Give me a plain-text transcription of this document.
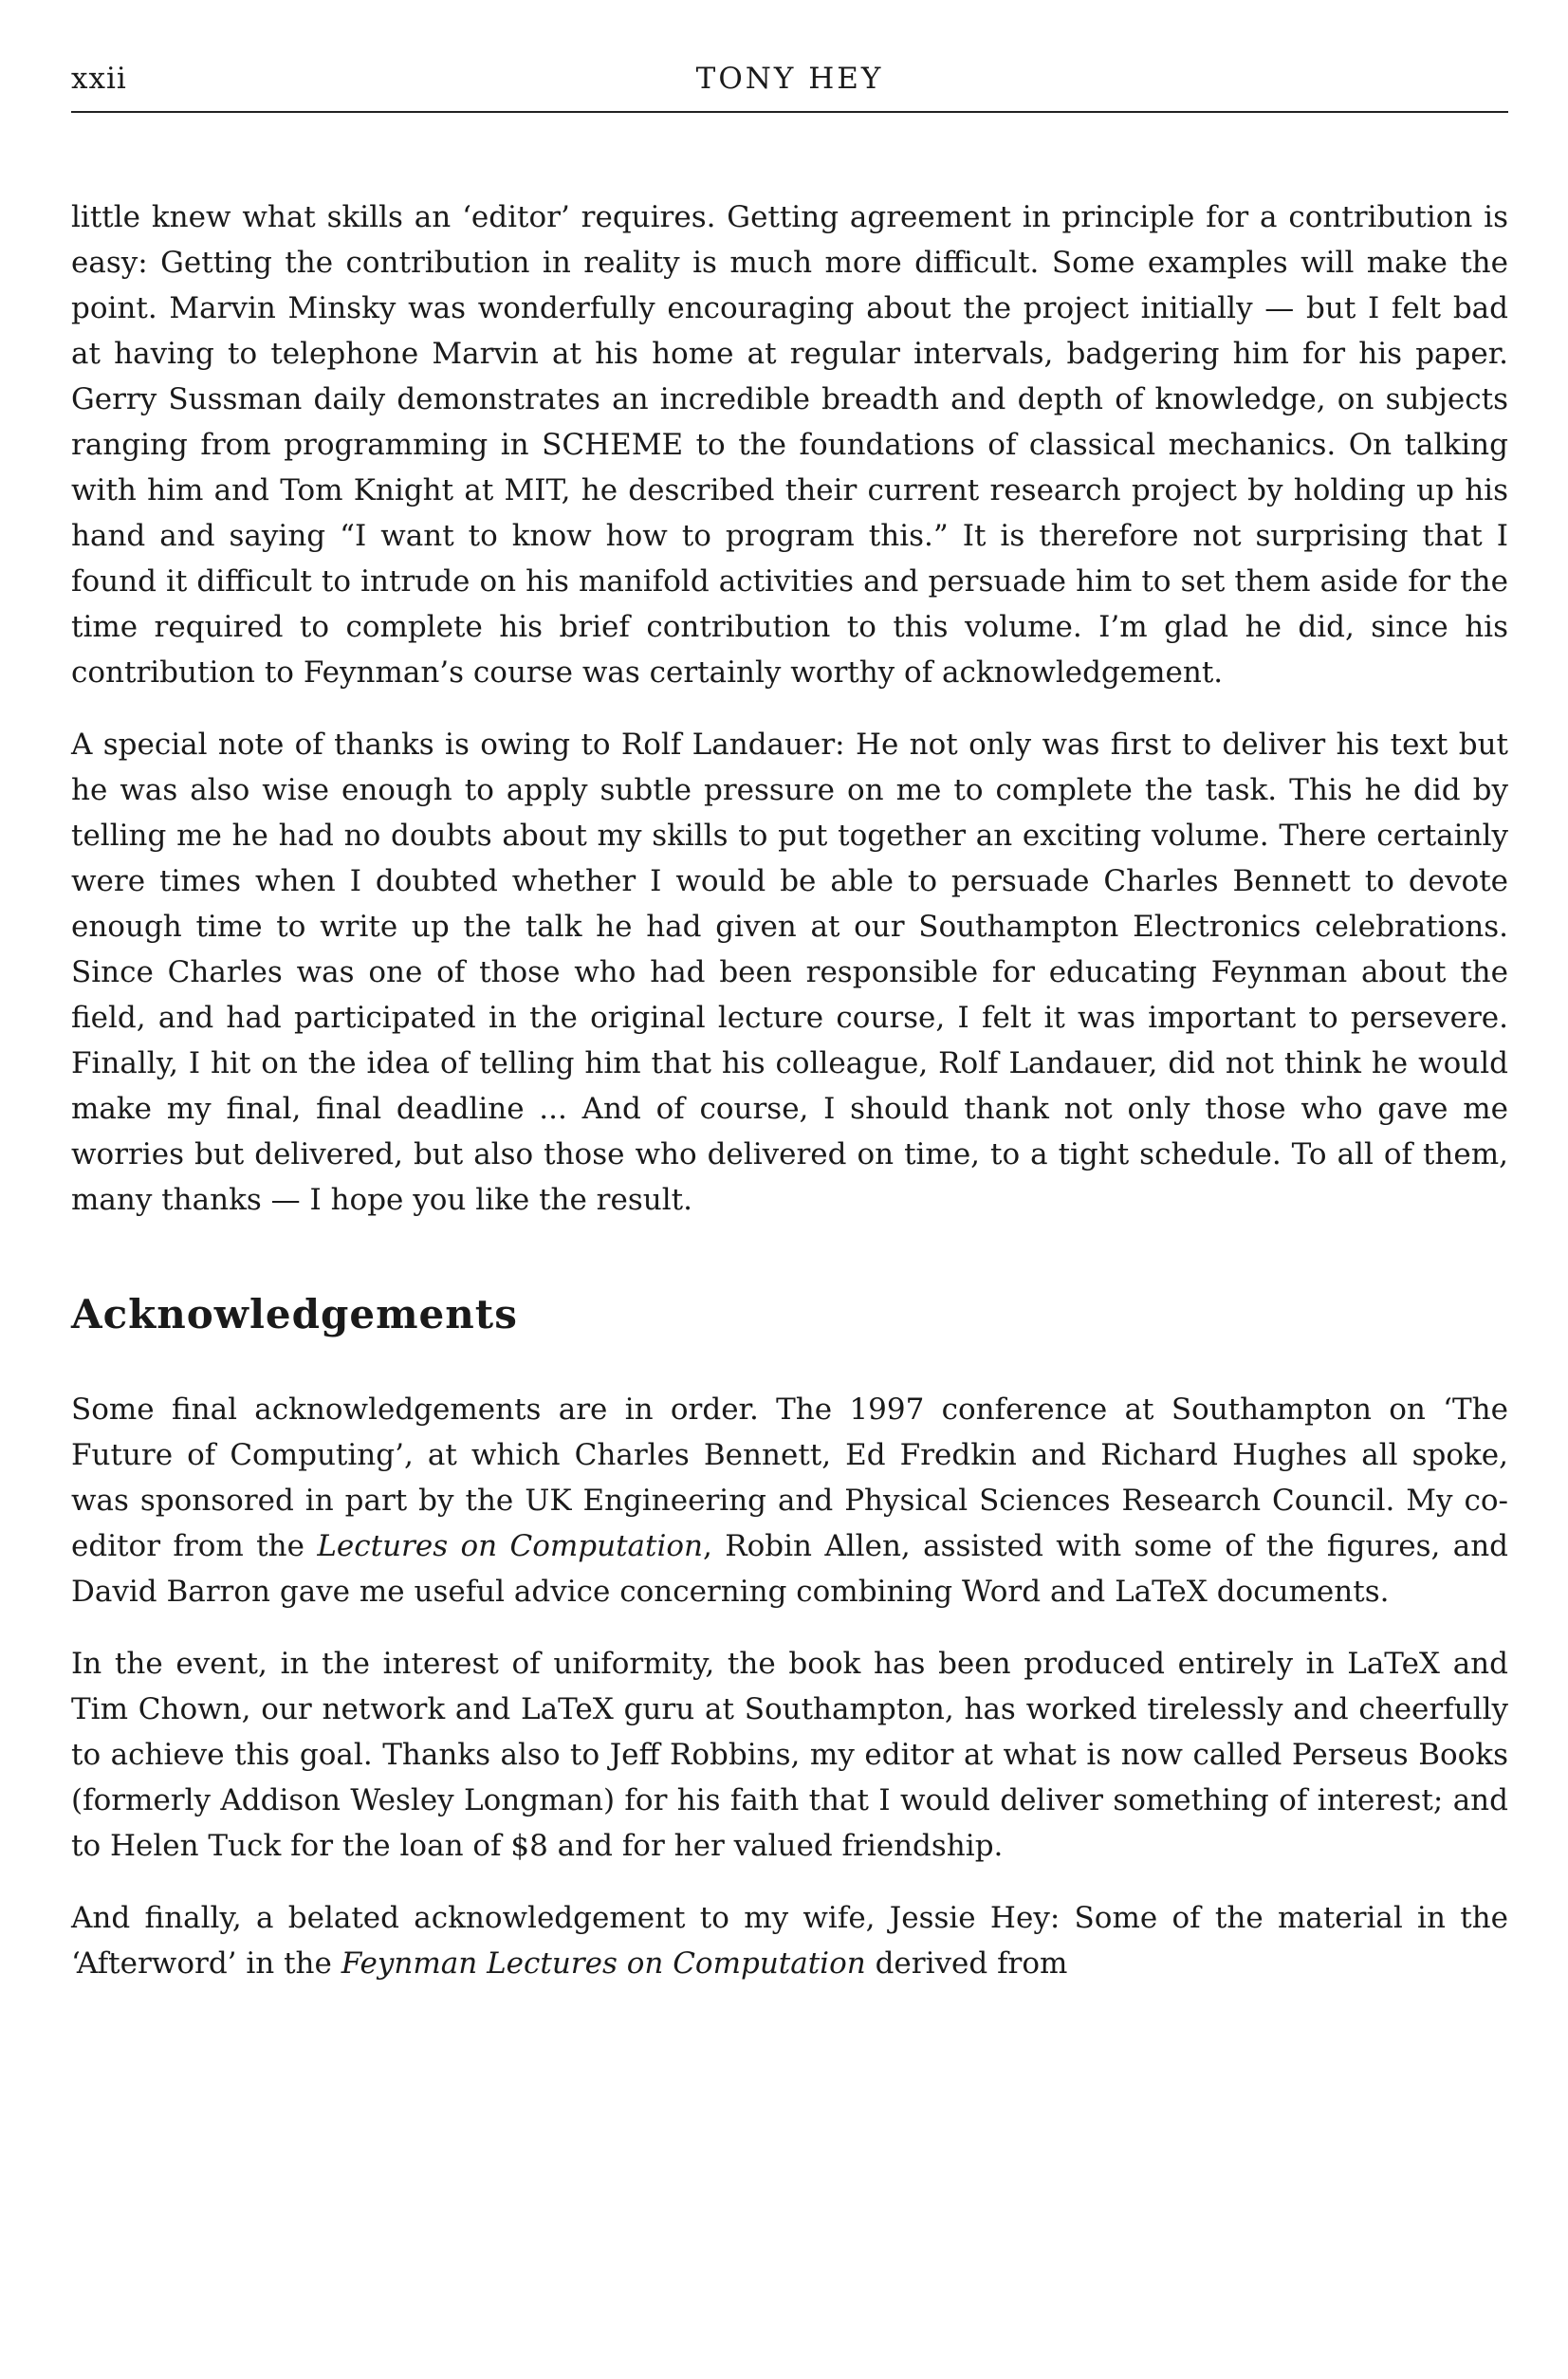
xxii	TONY HEY

little knew what skills an ‘editor’ requires. Getting agreement in principle for a contribution is easy: Getting the contribution in reality is much more difficult. Some examples will make the point. Marvin Minsky was wonderfully encouraging about the project initially — but I felt bad at having to telephone Marvin at his home at regular intervals, badgering him for his paper. Gerry Sussman daily demonstrates an incredible breadth and depth of knowledge, on subjects ranging from programming in SCHEME to the foundations of classical mechanics. On talking with him and Tom Knight at MIT, he described their current research project by holding up his hand and saying “I want to know how to program this.” It is therefore not surprising that I found it difficult to intrude on his manifold activities and persuade him to set them aside for the time required to complete his brief contribution to this volume. I’m glad he did, since his contribution to Feynman’s course was certainly worthy of acknowledgement.

A special note of thanks is owing to Rolf Landauer: He not only was first to deliver his text but he was also wise enough to apply subtle pressure on me to complete the task. This he did by telling me he had no doubts about my skills to put together an exciting volume. There certainly were times when I doubted whether I would be able to persuade Charles Bennett to devote enough time to write up the talk he had given at our Southampton Electronics celebrations. Since Charles was one of those who had been responsible for educating Feynman about the field, and had participated in the original lecture course, I felt it was important to persevere. Finally, I hit on the idea of telling him that his colleague, Rolf Landauer, did not think he would make my final, final deadline ... And of course, I should thank not only those who gave me worries but delivered, but also those who delivered on time, to a tight schedule. To all of them, many thanks — I hope you like the result.

Acknowledgements

Some final acknowledgements are in order. The 1997 conference at Southampton on ‘The Future of Computing’, at which Charles Bennett, Ed Fredkin and Richard Hughes all spoke, was sponsored in part by the UK Engineering and Physical Sciences Research Council. My co-editor from the Lectures on Computation, Robin Allen, assisted with some of the figures, and David Barron gave me useful advice concerning combining Word and LaTeX documents.

In the event, in the interest of uniformity, the book has been produced entirely in LaTeX and Tim Chown, our network and LaTeX guru at Southampton, has worked tirelessly and cheerfully to achieve this goal. Thanks also to Jeff Robbins, my editor at what is now called Perseus Books (formerly Addison Wesley Longman) for his faith that I would deliver something of interest; and to Helen Tuck for the loan of $8 and for her valued friendship.

And finally, a belated acknowledgement to my wife, Jessie Hey: Some of the material in the ‘Afterword’ in the Feynman Lectures on Computation derived from
